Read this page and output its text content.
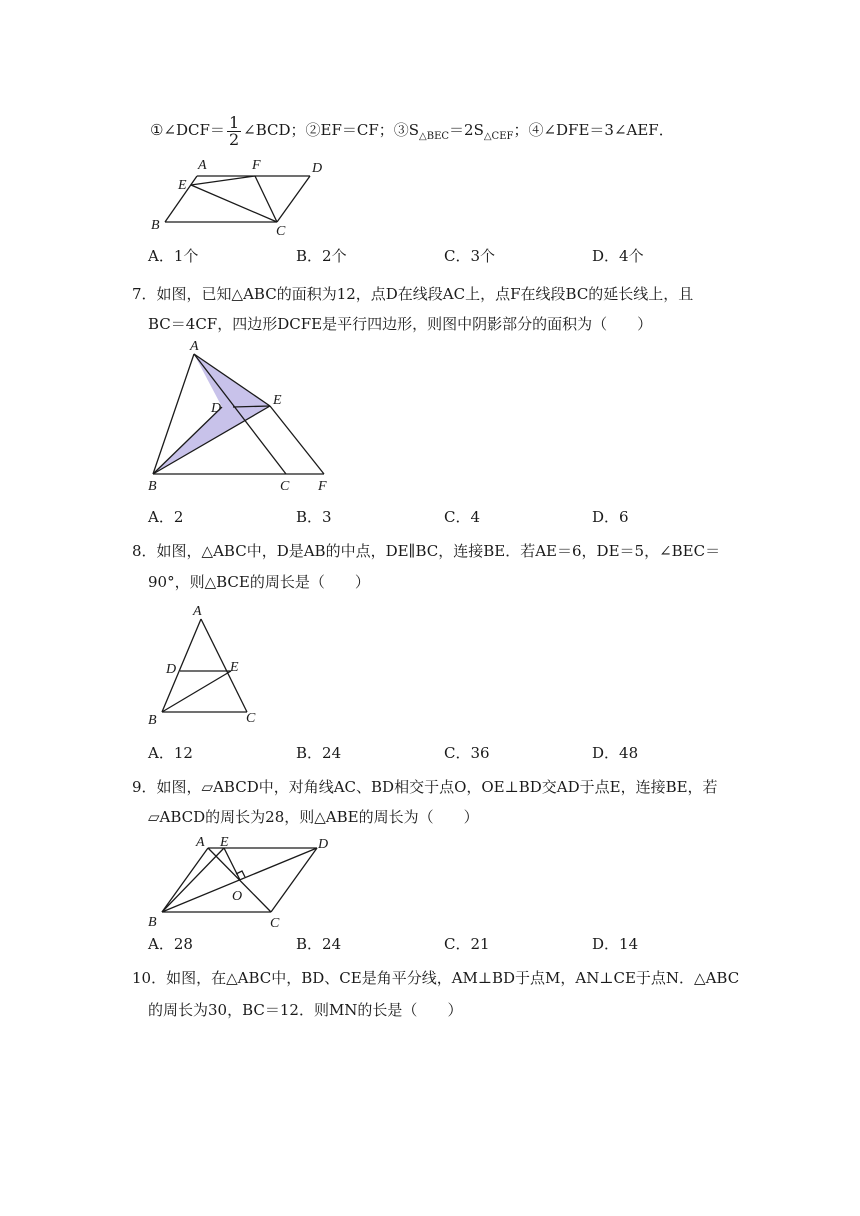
①∠DCF＝ $\frac{1}{2}$ ∠BCD；②EF＝CF；$③S_{\triangle BEC}=2S_{\triangle CEF}$；④∠DFE＝3∠AEF．
A	F	D
E
B	C
A．1个	B．2个	C．3个	D．4个
7．如图，已知△ABC的面积为12，点D在线段AC上，点F在线段BC的延长线上，且
BC＝4CF，四边形DCFE是平行四边形，则图中阴影部分的面积为（　　）
A
D
E
B	C F
A．2	B．3	C．4	D．6
8．如图，△ABC中，D是AB的中点，DE∥BC，连接BE．若AE＝6，DE＝5，∠BEC＝
90°，则△BCE的周长是（　　）
A
D	E
B	C
A．12	B．24	C．36	D．48
9．如图，▱ABCD中，对角线AC、BD相交于点O，OE⊥BD交AD于点E，连接BE，若
▱ABCD的周长为28，则△ABE的周长为（　　）
A E	D
O
B	C
A．28	B．24	C．21	D．14
10．如图，在△ABC中，BD、CE是角平分线，AM⊥BD于点M，AN⊥CE于点N．△ABC
的周长为30，BC＝12．则MN的长是（　　）
